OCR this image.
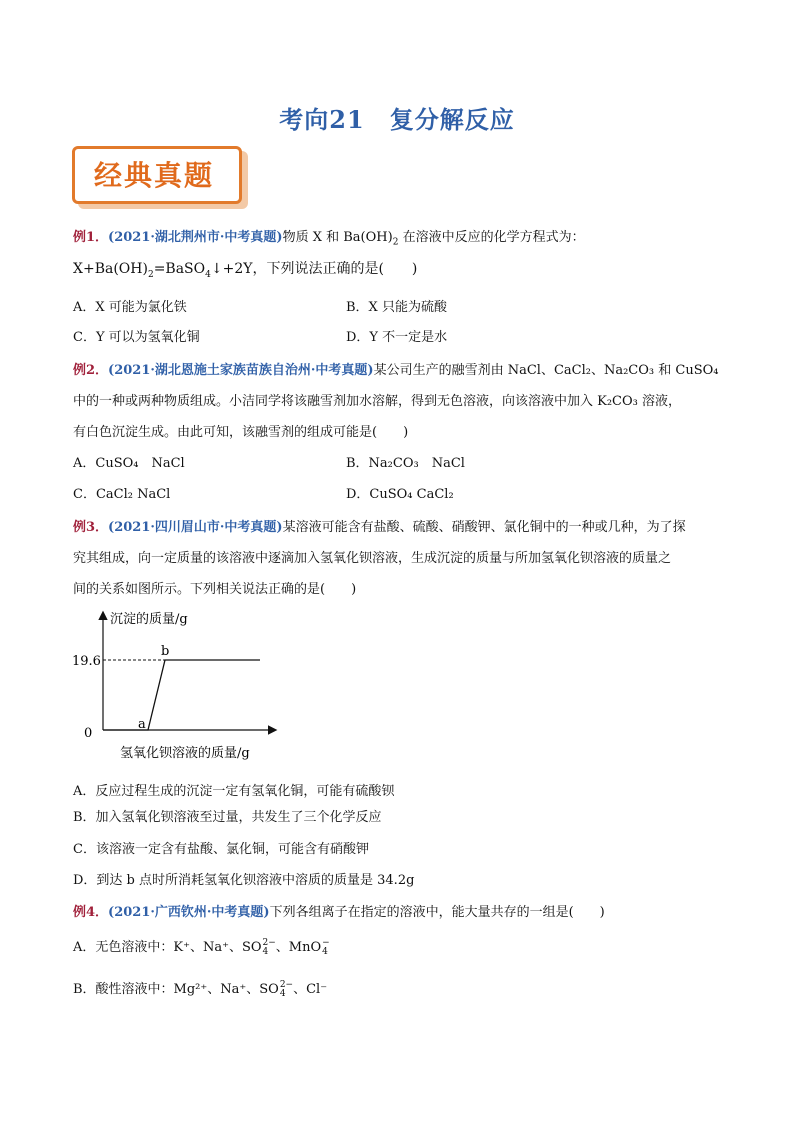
考向21　复分解反应
经典真题
例1．(2021·湖北荆州市·中考真题)物质 X 和 $Ba(OH)_2$ 在溶液中反应的化学方程式为：
$X+Ba(OH)_2=BaSO_4↓+2Y$，下列说法正确的是(　　)
A．X 可能为氯化铁	B．X 只能为硫酸
C．Y 可以为氢氧化铜	D．Y 不一定是水
例2．(2021·湖北恩施土家族苗族自治州·中考真题)某公司生产的融雪剂由 NaCl、CaCl₂、Na₂CO₃ 和 CuSO₄
中的一种或两种物质组成。小洁同学将该融雪剂加水溶解，得到无色溶液，向该溶液中加入 K₂CO₃ 溶液，
有白色沉淀生成。由此可知，该融雪剂的组成可能是(　　)
A．CuSO₄　NaCl	B．Na₂CO₃　NaCl
C．CaCl₂ NaCl	D．CuSO₄ CaCl₂
例3．(2021·四川眉山市·中考真题)某溶液可能含有盐酸、硫酸、硝酸钾、氯化铜中的一种或几种，为了探
究其组成，向一定质量的该溶液中逐滴加入氢氧化钡溶液，生成沉淀的质量与所加氢氧化钡溶液的质量之
间的关系如图所示。下列相关说法正确的是(　　)
沉淀的质量/g
氢氧化钡溶液的质量/g
19.6
0
a
b
A．反应过程生成的沉淀一定有氢氧化铜，可能有硫酸钡
B．加入氢氧化钡溶液至过量，共发生了三个化学反应
C．该溶液一定含有盐酸、氯化铜，可能含有硝酸钾
D．到达 b 点时所消耗氢氧化钡溶液中溶质的质量是 34.2g
例4．(2021·广西钦州·中考真题)下列各组离子在指定的溶液中，能大量共存的一组是(　　)
A．无色溶液中：K⁺、Na⁺、SO2−
4 、MnO−
4
B．酸性溶液中：Mg²⁺、Na⁺、SO2−
4 、Cl⁻
